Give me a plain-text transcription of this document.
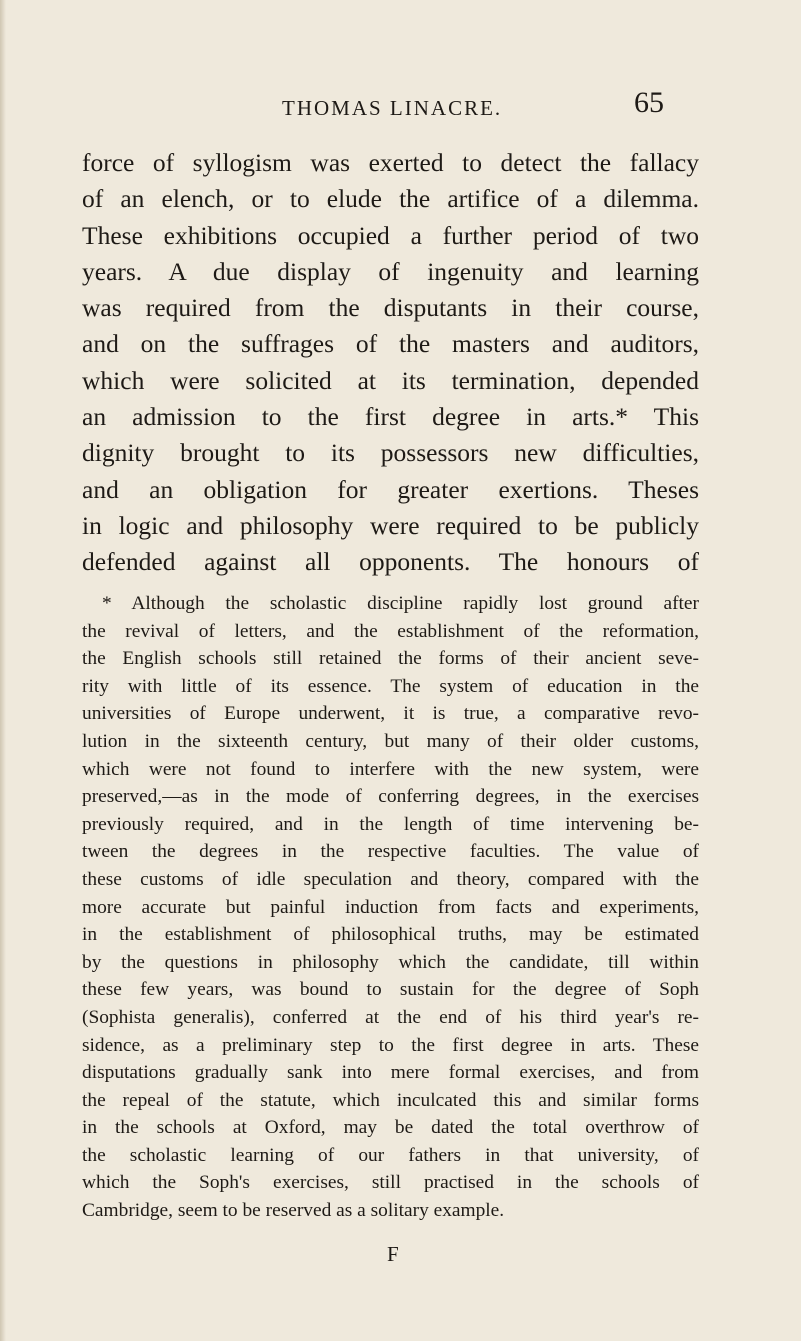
THOMAS LINACRE.	65
force of syllogism was exerted to detect the fallacy
of an elench, or to elude the artifice of a dilemma.
These exhibitions occupied a further period of two
years. A due display of ingenuity and learning
was required from the disputants in their course,
and on the suffrages of the masters and auditors,
which were solicited at its termination, depended
an admission to the first degree in arts.* This
dignity brought to its possessors new difficulties,
and an obligation for greater exertions. Theses
in logic and philosophy were required to be publicly
defended against all opponents. The honours of
* Although the scholastic discipline rapidly lost ground after
the revival of letters, and the establishment of the reformation,
the English schools still retained the forms of their ancient seve-
rity with little of its essence. The system of education in the
universities of Europe underwent, it is true, a comparative revo-
lution in the sixteenth century, but many of their older customs,
which were not found to interfere with the new system, were
preserved,—as in the mode of conferring degrees, in the exercises
previously required, and in the length of time intervening be-
tween the degrees in the respective faculties. The value of
these customs of idle speculation and theory, compared with the
more accurate but painful induction from facts and experiments,
in the establishment of philosophical truths, may be estimated
by the questions in philosophy which the candidate, till within
these few years, was bound to sustain for the degree of Soph
(Sophista generalis), conferred at the end of his third year's re-
sidence, as a preliminary step to the first degree in arts. These
disputations gradually sank into mere formal exercises, and from
the repeal of the statute, which inculcated this and similar forms
in the schools at Oxford, may be dated the total overthrow of
the scholastic learning of our fathers in that university, of
which the Soph's exercises, still practised in the schools of
Cambridge, seem to be reserved as a solitary example.
F
